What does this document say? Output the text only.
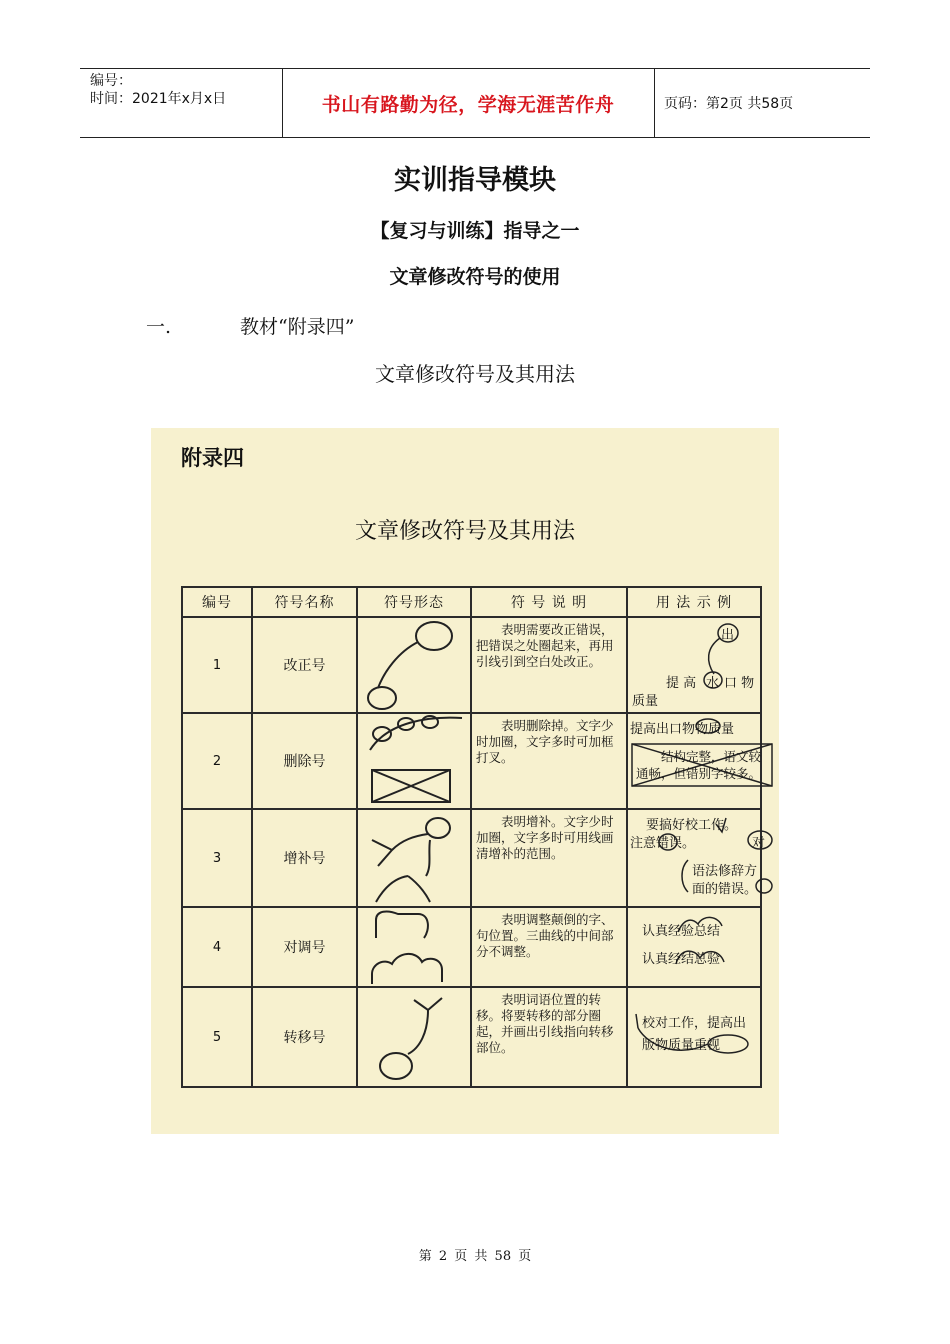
编号：
时间：2021年x月x日	书山有路勤为径，学海无涯苦作舟	页码：第2页 共58页
实训指导模块
【复习与训练】指导之一
文章修改符号的使用
一.	教材“附录四”
文章修改符号及其用法
附录四
文章修改符号及其用法
编号	符号名称	符号形态	符 号 说 明	用 法 示 例
1	改正号		表明需要改正错误，把错误之处圈起来，再用引线引到空白处改正。	出
提 高 水 口 物
质量

2	删除号		表明删除掉。文字少时加圈，文字多时可加框打叉。	提高出口物物质量
结构完整，语文较通畅，但错别字较多。

3	增补号		表明增补。文字少时加圈，文字多时可用线画清增补的范围。	要搞好校工作。
注意错误。 对
语法修辞方
面的错误。

4	对调号		表明调整颠倒的字、句位置。三曲线的中间部分不调整。	认真经验总结
认真经结总验

5	转移号		表明词语位置的转移。将要转移的部分圈起，并画出引线指向转移部位。	校对工作，提高出
版物质量重视
第 2 页 共 58 页
